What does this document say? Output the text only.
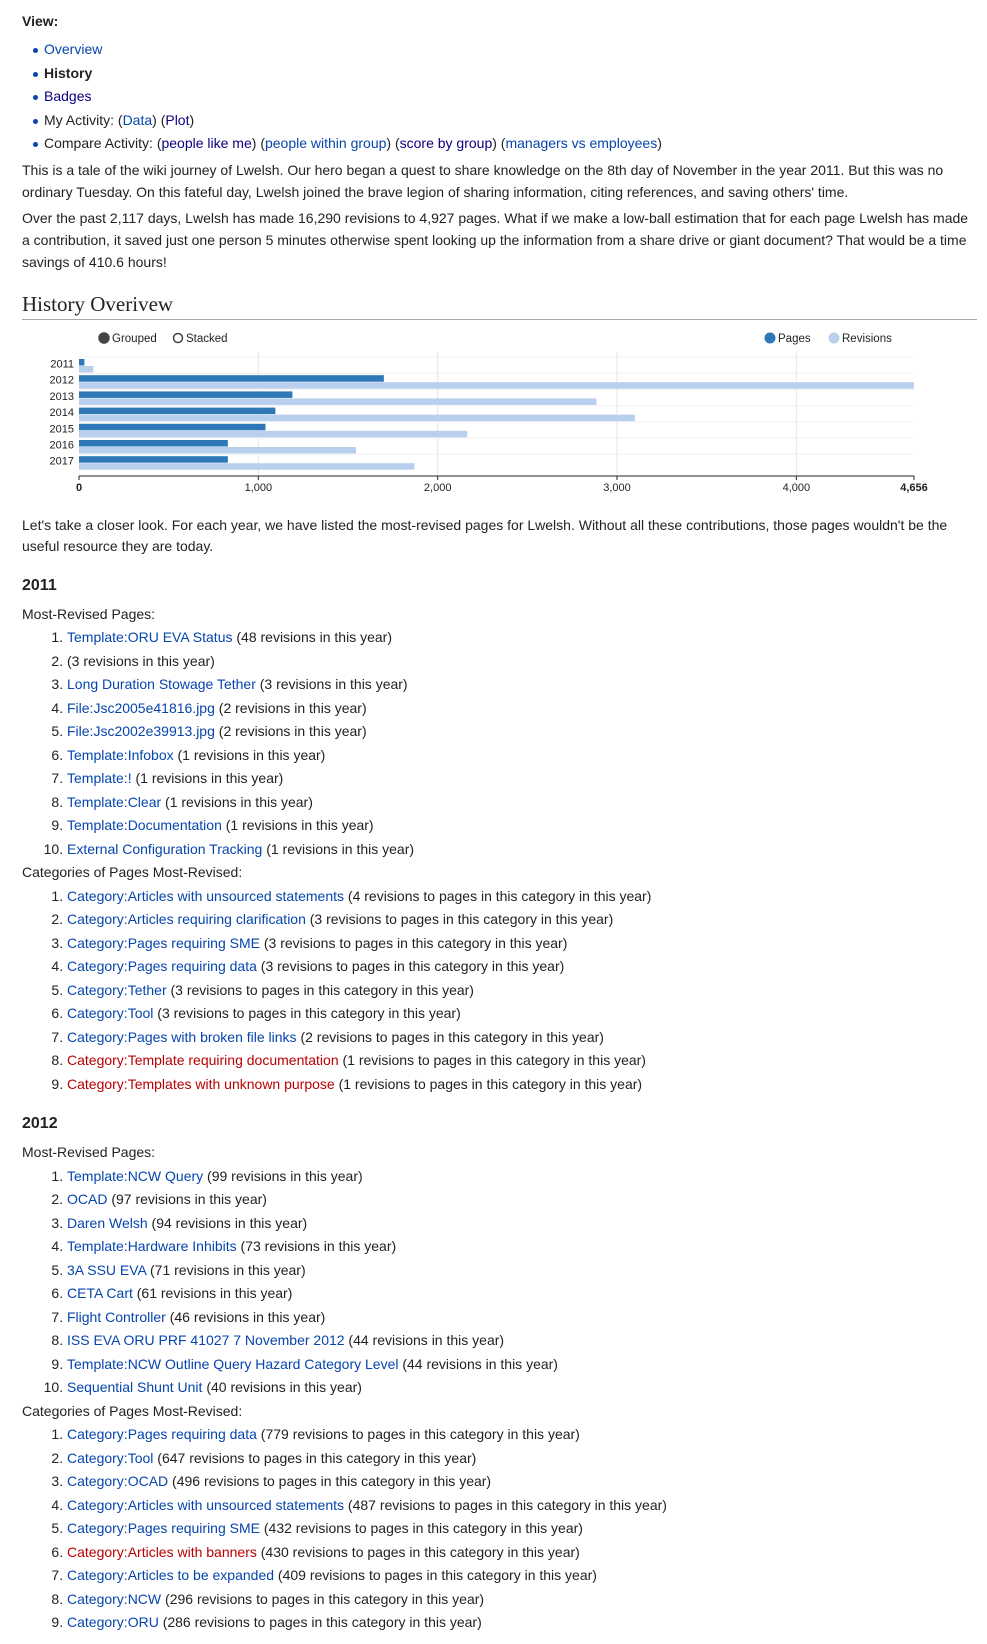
View:
Overview
History
Badges
My Activity: (Data) (Plot)
Compare Activity: (people like me) (people within group) (score by group) (managers vs employees)

This is a tale of the wiki journey of Lwelsh. Our hero began a quest to share knowledge on the 8th day of November in the year 2011. But this was no ordinary Tuesday. On this fateful day, Lwelsh joined the brave legion of sharing information, citing references, and saving others' time.

Over the past 2,117 days, Lwelsh has made 16,290 revisions to 4,927 pages. What if we make a low-ball estimation that for each page Lwelsh has made a contribution, it saved just one person 5 minutes otherwise spent looking up the information from a share drive or giant document? That would be a time savings of 410.6 hours!

History Overivew
2011
2012
2013
2014
2015
2016
2017
0	1,000	2,000	3,000	4,000	4,656
Grouped	Stacked	Pages	Revisions

Let's take a closer look. For each year, we have listed the most-revised pages for Lwelsh. Without all these contributions, those pages wouldn't be the useful resource they are today.

2011
Most-Revised Pages:
1. Template:ORU EVA Status (48 revisions in this year)
2. (3 revisions in this year)
3. Long Duration Stowage Tether (3 revisions in this year)
4. File:Jsc2005e41816.jpg (2 revisions in this year)
5. File:Jsc2002e39913.jpg (2 revisions in this year)
6. Template:Infobox (1 revisions in this year)
7. Template:! (1 revisions in this year)
8. Template:Clear (1 revisions in this year)
9. Template:Documentation (1 revisions in this year)
10. External Configuration Tracking (1 revisions in this year)
Categories of Pages Most-Revised:
1. Category:Articles with unsourced statements (4 revisions to pages in this category in this year)
2. Category:Articles requiring clarification (3 revisions to pages in this category in this year)
3. Category:Pages requiring SME (3 revisions to pages in this category in this year)
4. Category:Pages requiring data (3 revisions to pages in this category in this year)
5. Category:Tether (3 revisions to pages in this category in this year)
6. Category:Tool (3 revisions to pages in this category in this year)
7. Category:Pages with broken file links (2 revisions to pages in this category in this year)
8. Category:Template requiring documentation (1 revisions to pages in this category in this year)
9. Category:Templates with unknown purpose (1 revisions to pages in this category in this year)
2012
Most-Revised Pages:
1. Template:NCW Query (99 revisions in this year)
2. OCAD (97 revisions in this year)
3. Daren Welsh (94 revisions in this year)
4. Template:Hardware Inhibits (73 revisions in this year)
5. 3A SSU EVA (71 revisions in this year)
6. CETA Cart (61 revisions in this year)
7. Flight Controller (46 revisions in this year)
8. ISS EVA ORU PRF 41027 7 November 2012 (44 revisions in this year)
9. Template:NCW Outline Query Hazard Category Level (44 revisions in this year)
10. Sequential Shunt Unit (40 revisions in this year)
Categories of Pages Most-Revised:
1. Category:Pages requiring data (779 revisions to pages in this category in this year)
2. Category:Tool (647 revisions to pages in this category in this year)
3. Category:OCAD (496 revisions to pages in this category in this year)
4. Category:Articles with unsourced statements (487 revisions to pages in this category in this year)
5. Category:Pages requiring SME (432 revisions to pages in this category in this year)
6. Category:Articles with banners (430 revisions to pages in this category in this year)
7. Category:Articles to be expanded (409 revisions to pages in this category in this year)
8. Category:NCW (296 revisions to pages in this category in this year)
9. Category:ORU (286 revisions to pages in this category in this year)
